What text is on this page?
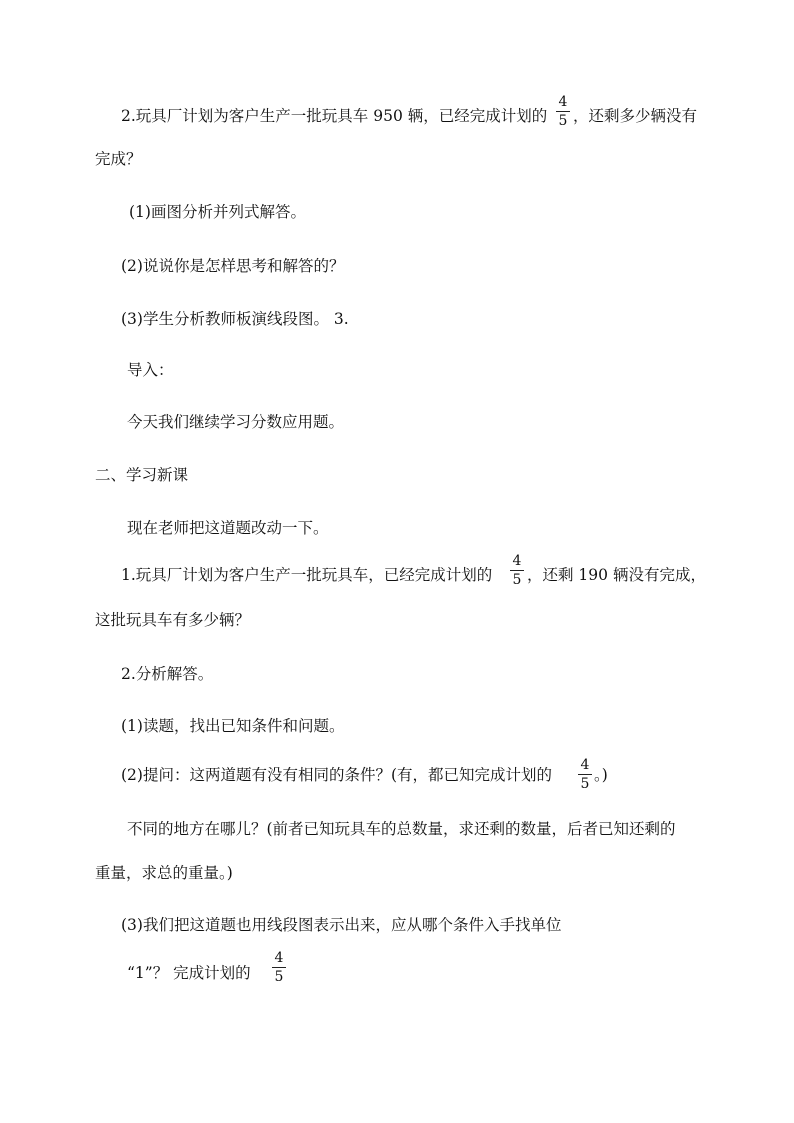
2.玩具厂计划为客户生产一批玩具车 950 辆，已经完成计划的
4
5 ，还剩多少辆没有
完成？
(1)画图分析并列式解答。
(2)说说你是怎样思考和解答的？
(3)学生分析教师板演线段图。 3.
导入：
今天我们继续学习分数应用题。
二、学习新课
现在老师把这道题改动一下。
1.玩具厂计划为客户生产一批玩具车，已经完成计划的
4
5 ，还剩 190 辆没有完成，
这批玩具车有多少辆？
2.分析解答。
(1)读题，找出已知条件和问题。
(2)提问：这两道题有没有相同的条件？(有，都已知完成计划的
4
5 。)
不同的地方在哪儿？(前者已知玩具车的总数量，求还剩的数量，后者已知还剩的
重量，求总的重量。)
(3)我们把这道题也用线段图表示出来，应从哪个条件入手找单位
“1”？ 完成计划的
4
5
